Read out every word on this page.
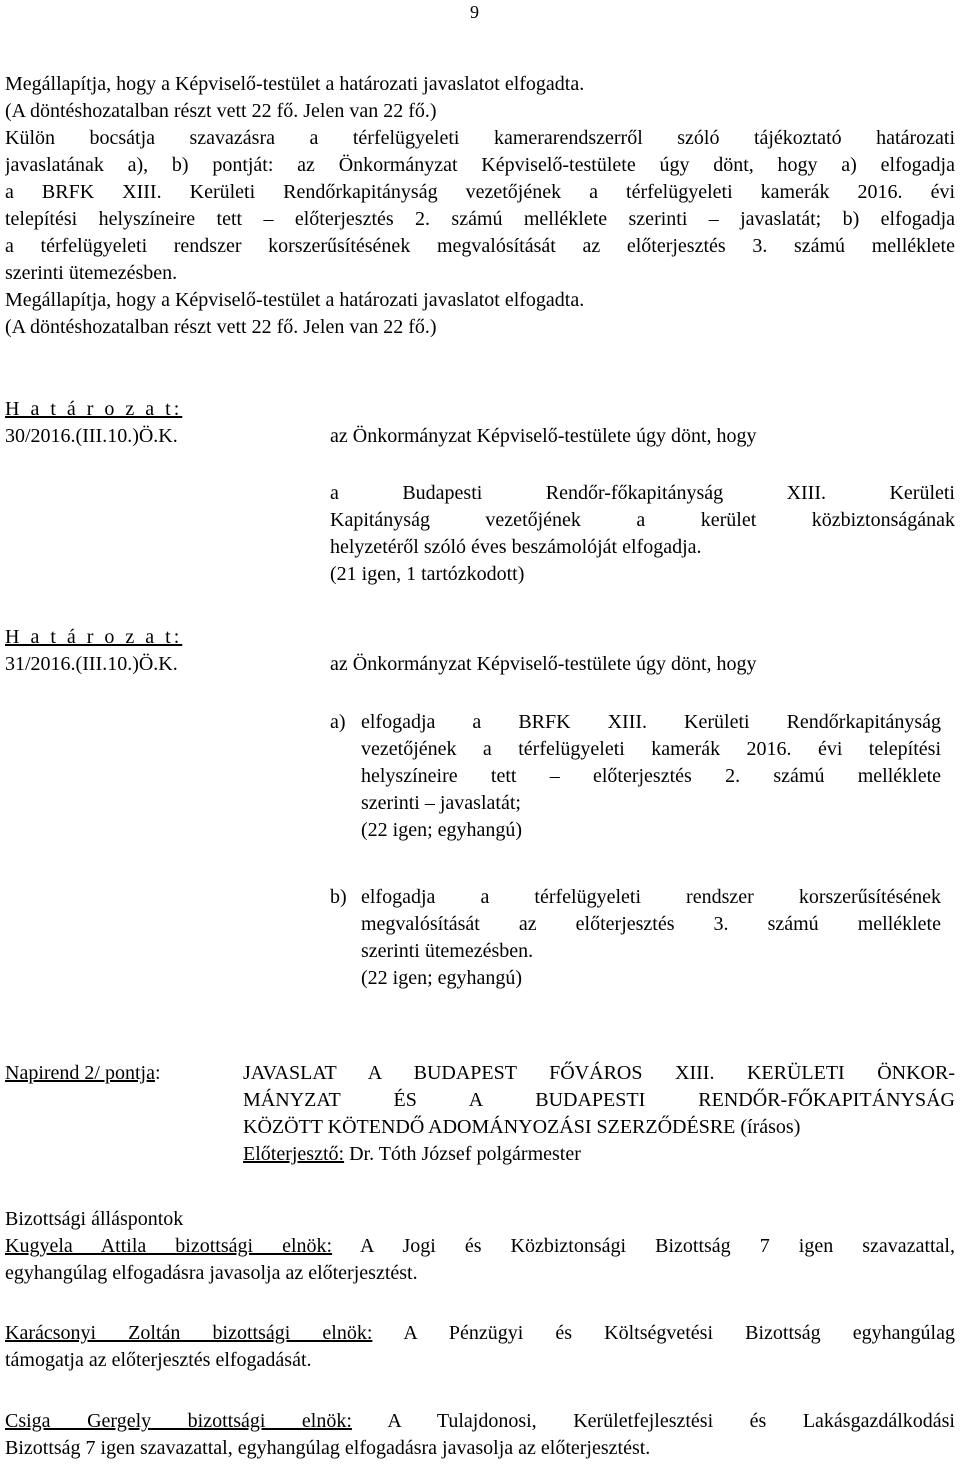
9
Megállapítja, hogy a Képviselő-testület a határozati javaslatot elfogadta.
(A döntéshozatalban részt vett 22 fő. Jelen van 22 fő.)
Külön bocsátja szavazásra a térfelügyeleti kamerarendszerről szóló tájékoztató határozati
javaslatának a), b) pontját: az Önkormányzat Képviselő-testülete úgy dönt, hogy a) elfogadja
a BRFK XIII. Kerületi Rendőrkapitányság vezetőjének a térfelügyeleti kamerák 2016. évi
telepítési helyszíneire tett – előterjesztés 2. számú melléklete szerinti – javaslatát; b) elfogadja
a térfelügyeleti rendszer korszerűsítésének megvalósítását az előterjesztés 3. számú melléklete
szerinti ütemezésben.
Megállapítja, hogy a Képviselő-testület a határozati javaslatot elfogadta.
(A döntéshozatalban részt vett 22 fő. Jelen van 22 fő.)
H a t á r o z a t:
30/2016.(III.10.)Ö.K.	az Önkormányzat Képviselő-testülete úgy dönt, hogy
a Budapesti Rendőr-főkapitányság XIII. Kerületi
Kapitányság vezetőjének a kerület közbiztonságának
helyzetéről szóló éves beszámolóját elfogadja.
(21 igen, 1 tartózkodott)
H a t á r o z a t:
31/2016.(III.10.)Ö.K.	az Önkormányzat Képviselő-testülete úgy dönt, hogy
a) elfogadja a BRFK XIII. Kerületi Rendőrkapitányság
vezetőjének a térfelügyeleti kamerák 2016. évi telepítési
helyszíneire tett – előterjesztés 2. számú melléklete
szerinti – javaslatát;
(22 igen; egyhangú)
b) elfogadja a térfelügyeleti rendszer korszerűsítésének
megvalósítását az előterjesztés 3. számú melléklete
szerinti ütemezésben.
(22 igen; egyhangú)
Napirend 2/ pontja:	JAVASLAT A BUDAPEST FŐVÁROS XIII. KERÜLETI ÖNKOR-
MÁNYZAT ÉS A BUDAPESTI RENDŐR-FŐKAPITÁNYSÁG
KÖZÖTT KÖTENDŐ ADOMÁNYOZÁSI SZERZŐDÉSRE (írásos)
Előterjesztő: Dr. Tóth József polgármester
Bizottsági álláspontok
Kugyela Attila bizottsági elnök: A Jogi és Közbiztonsági Bizottság 7 igen szavazattal,
egyhangúlag elfogadásra javasolja az előterjesztést.
Karácsonyi Zoltán bizottsági elnök: A Pénzügyi és Költségvetési Bizottság egyhangúlag
támogatja az előterjesztés elfogadását.
Csiga Gergely bizottsági elnök: A Tulajdonosi, Kerületfejlesztési és Lakásgazdálkodási
Bizottság 7 igen szavazattal, egyhangúlag elfogadásra javasolja az előterjesztést.
